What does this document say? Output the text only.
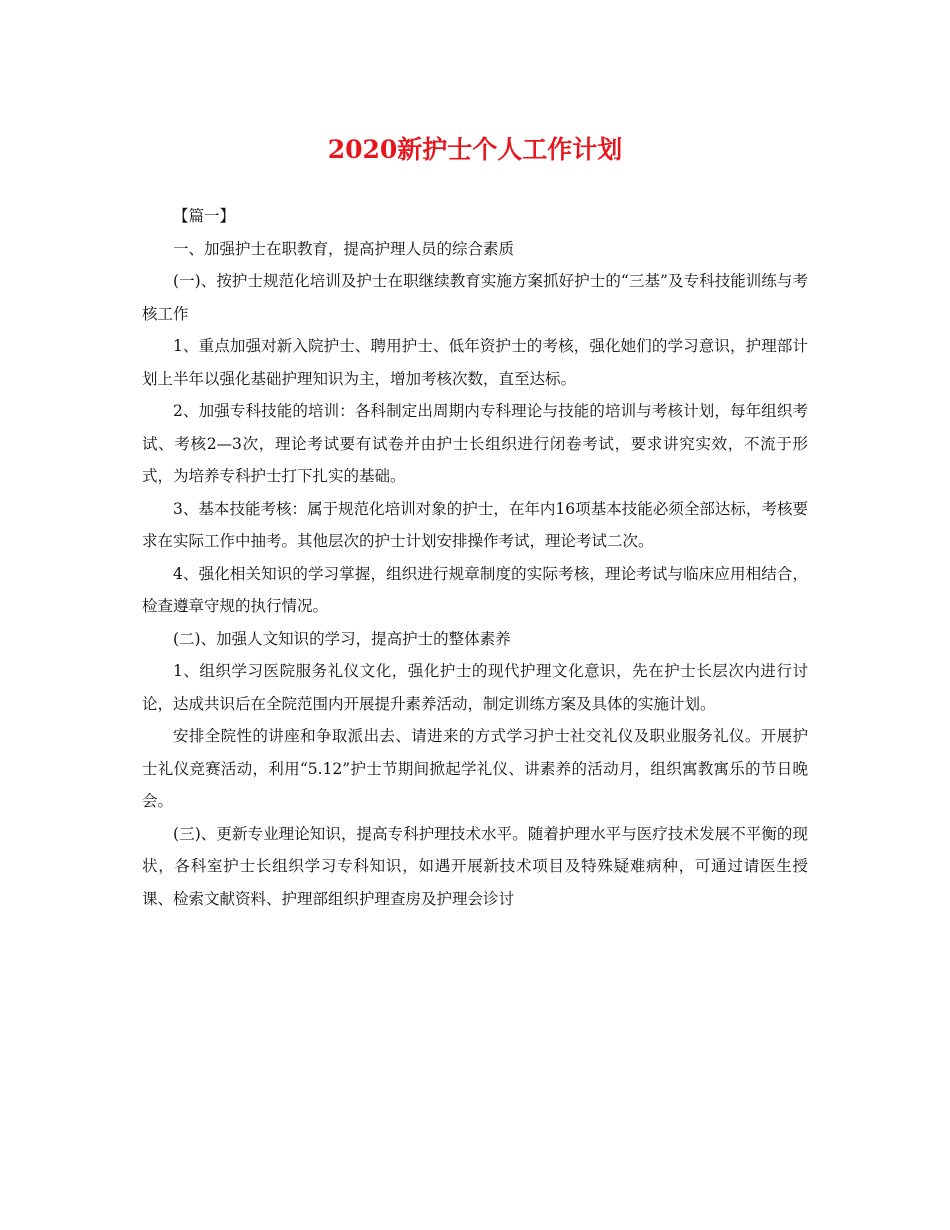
2020新护士个人工作计划

【篇一】

一、加强护士在职教育，提高护理人员的综合素质

(一)、按护士规范化培训及护士在职继续教育实施方案抓好护士的“三基”及专科技能训练与考核工作

1、重点加强对新入院护士、聘用护士、低年资护士的考核，强化她们的学习意识，护理部计划上半年以强化基础护理知识为主，增加考核次数，直至达标。

2、加强专科技能的培训：各科制定出周期内专科理论与技能的培训与考核计划，每年组织考试、考核2—3次，理论考试要有试卷并由护士长组织进行闭卷考试，要求讲究实效，不流于形式，为培养专科护士打下扎实的基础。

3、基本技能考核：属于规范化培训对象的护士，在年内16项基本技能必须全部达标，考核要求在实际工作中抽考。其他层次的护士计划安排操作考试，理论考试二次。

4、强化相关知识的学习掌握，组织进行规章制度的实际考核，理论考试与临床应用相结合，检查遵章守规的执行情况。

(二)、加强人文知识的学习，提高护士的整体素养

1、组织学习医院服务礼仪文化，强化护士的现代护理文化意识，先在护士长层次内进行讨论，达成共识后在全院范围内开展提升素养活动，制定训练方案及具体的实施计划。

安排全院性的讲座和争取派出去、请进来的方式学习护士社交礼仪及职业服务礼仪。开展护士礼仪竞赛活动，利用“5.12”护士节期间掀起学礼仪、讲素养的活动月，组织寓教寓乐的节日晚会。

(三)、更新专业理论知识，提高专科护理技术水平。随着护理水平与医疗技术发展不平衡的现状，各科室护士长组织学习专科知识，如遇开展新技术项目及特殊疑难病种，可通过请医生授课、检索文献资料、护理部组织护理查房及护理会诊讨
